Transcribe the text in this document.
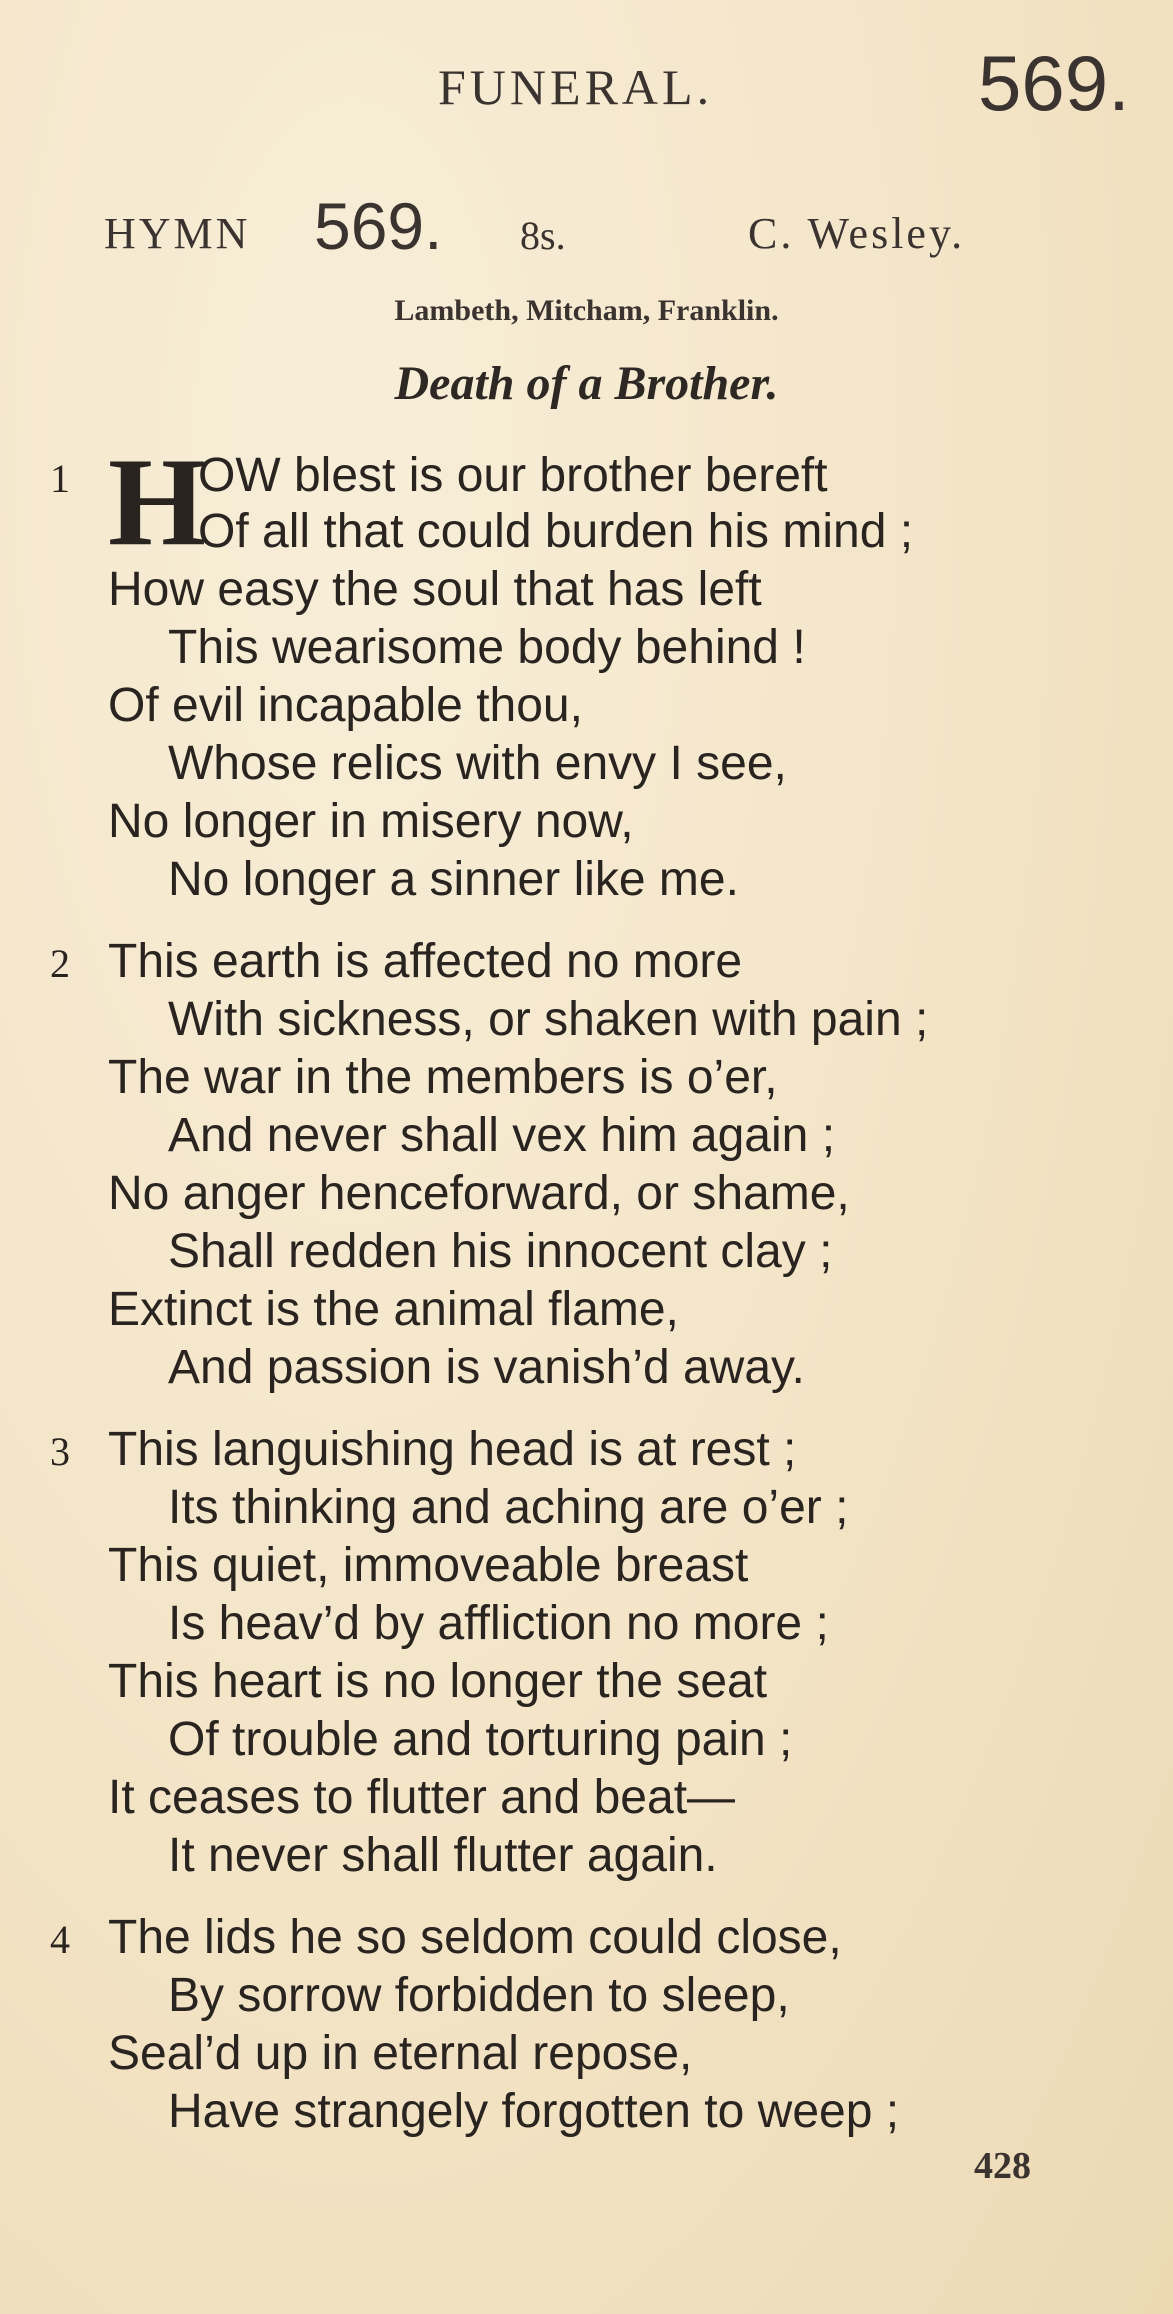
FUNERAL.	569.
HYMN 569. 8s.	C. Wesley.
Lambeth, Mitcham, Franklin.
Death of a Brother.
1 H
OW blest is our brother bereft
Of all that could burden his mind ;
How easy the soul that has left
This wearisome body behind !
Of evil incapable thou,
Whose relics with envy I see,
No longer in misery now,
No longer a sinner like me.
2 This earth is affected no more
With sickness, or shaken with pain ;
The war in the members is o’er,
And never shall vex him again ;
No anger henceforward, or shame,
Shall redden his innocent clay ;
Extinct is the animal flame,
And passion is vanish’d away.
3 This languishing head is at rest ;
Its thinking and aching are o’er ;
This quiet, immoveable breast
Is heav’d by affliction no more ;
This heart is no longer the seat
Of trouble and torturing pain ;
It ceases to flutter and beat—
It never shall flutter again.
4 The lids he so seldom could close,
By sorrow forbidden to sleep,
Seal’d up in eternal repose,
Have strangely forgotten to weep ;
428
